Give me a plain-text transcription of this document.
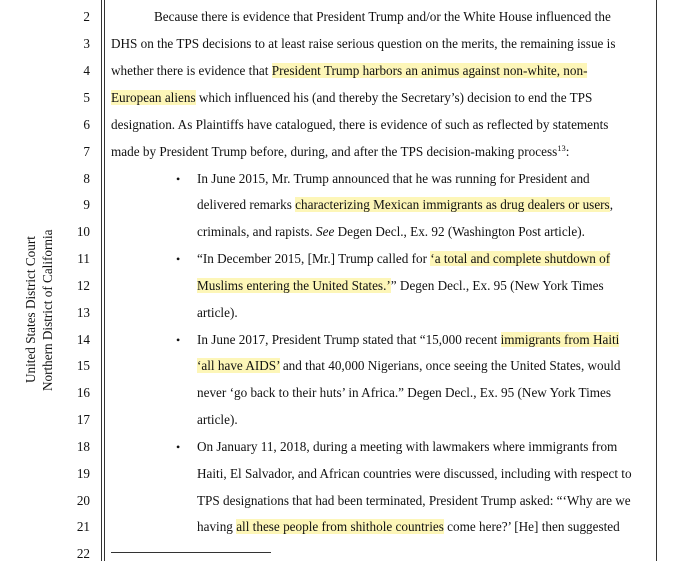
United States District Court Northern District of California
2
3
4
5
6
7
8
9
10
11
12
13
14
15
16
17
18
19
20
21
22
Because there is evidence that President Trump and/or the White House influenced the
DHS on the TPS decisions to at least raise serious question on the merits, the remaining issue is
whether there is evidence that President Trump harbors an animus against non-white, non-
European aliens which influenced his (and thereby the Secretary’s) decision to end the TPS
designation. As Plaintiffs have catalogued, there is evidence of such as reflected by statements
made by President Trump before, during, and after the TPS decision-making process$^{13}$:
• In June 2015, Mr. Trump announced that he was running for President and
delivered remarks characterizing Mexican immigrants as drug dealers or users,
criminals, and rapists. See Degen Decl., Ex. 92 (Washington Post article).
• “In December 2015, [Mr.] Trump called for ‘a total and complete shutdown of
Muslims entering the United States.’” Degen Decl., Ex. 95 (New York Times
article).
• In June 2017, President Trump stated that “15,000 recent immigrants from Haiti
‘all have AIDS’ and that 40,000 Nigerians, once seeing the United States, would
never ‘go back to their huts’ in Africa.” Degen Decl., Ex. 95 (New York Times
article).
• On January 11, 2018, during a meeting with lawmakers where immigrants from
Haiti, El Salvador, and African countries were discussed, including with respect to
TPS designations that had been terminated, President Trump asked: “‘Why are we
having all these people from shithole countries come here?’ [He] then suggested
